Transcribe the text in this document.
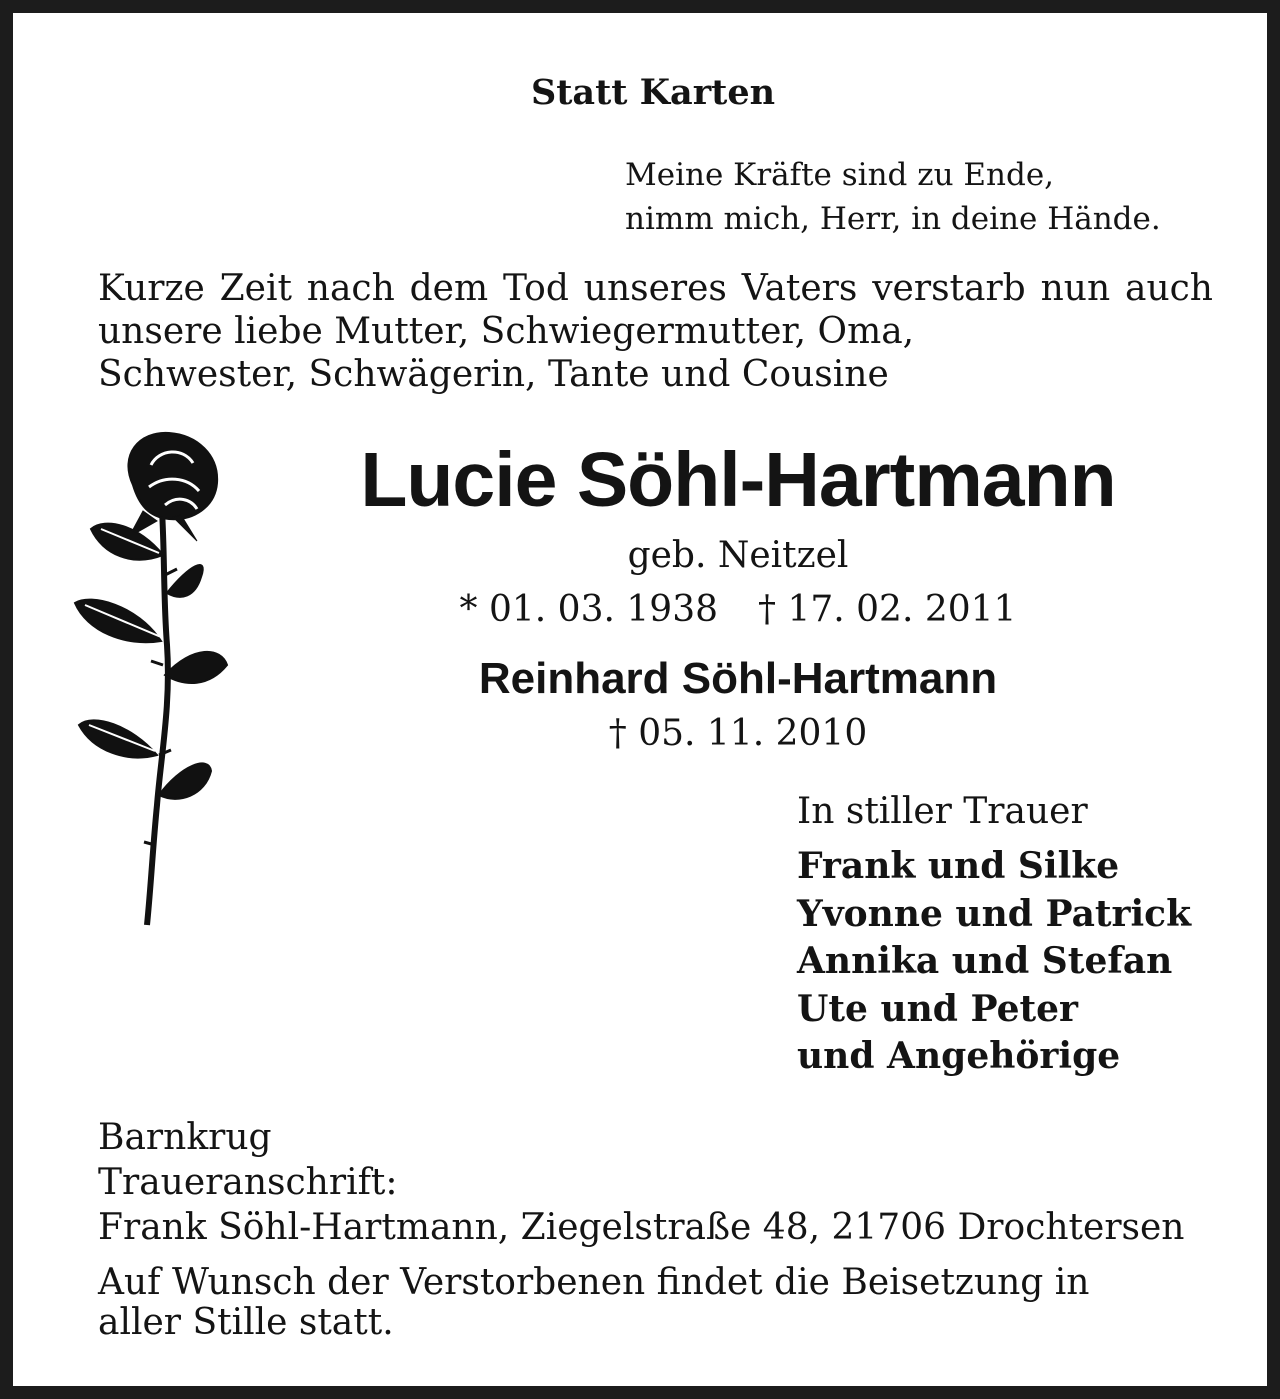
Statt Karten

Meine Kräfte sind zu Ende,
nimm mich, Herr, in deine Hände.
Kurze Zeit nach dem Tod unseres Vaters verstarb nun auch unsere liebe Mutter, Schwiegermutter, Oma,
Schwester, Schwägerin, Tante und Cousine

Lucie Söhl-Hartmann

geb. Neitzel

* 01. 03. 1938 † 17. 02. 2011

Reinhard Söhl-Hartmann

† 05. 11. 2010

In stiller Trauer

Frank und Silke
Yvonne und Patrick
Annika und Stefan
Ute und Peter
und Angehörige
Barnkrug
Traueranschrift:
Frank Söhl-Hartmann, Ziegelstraße 48, 21706 Drochtersen
Auf Wunsch der Verstorbenen findet die Beisetzung in
aller Stille statt.
